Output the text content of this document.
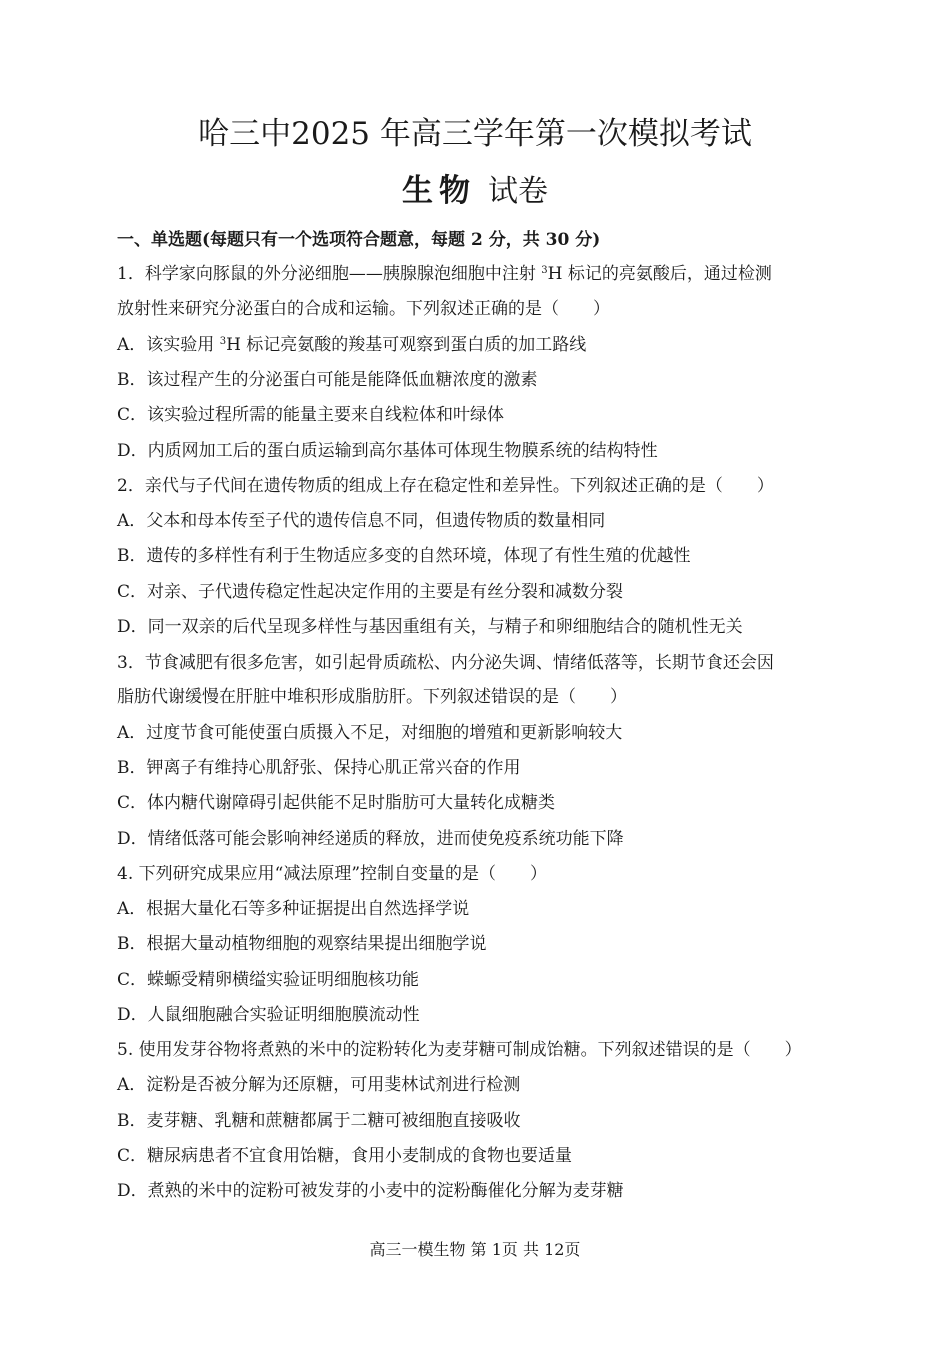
哈三中2025 年高三学年第一次模拟考试
生物 试卷
一、单选题(每题只有一个选项符合题意，每题 2 分，共 30 分)
1．科学家向豚鼠的外分泌细胞——胰腺腺泡细胞中注射 $^3$H 标记的亮氨酸后，通过检测
放射性来研究分泌蛋白的合成和运输。下列叙述正确的是（　　）
A．该实验用 $^3$H 标记亮氨酸的羧基可观察到蛋白质的加工路线
B．该过程产生的分泌蛋白可能是能降低血糖浓度的激素
C．该实验过程所需的能量主要来自线粒体和叶绿体
D．内质网加工后的蛋白质运输到高尔基体可体现生物膜系统的结构特性
2．亲代与子代间在遗传物质的组成上存在稳定性和差异性。下列叙述正确的是（　　）
A．父本和母本传至子代的遗传信息不同，但遗传物质的数量相同
B．遗传的多样性有利于生物适应多变的自然环境，体现了有性生殖的优越性
C．对亲、子代遗传稳定性起决定作用的主要是有丝分裂和减数分裂
D．同一双亲的后代呈现多样性与基因重组有关，与精子和卵细胞结合的随机性无关
3．节食减肥有很多危害，如引起骨质疏松、内分泌失调、情绪低落等，长期节食还会因
脂肪代谢缓慢在肝脏中堆积形成脂肪肝。下列叙述错误的是（　　）
A．过度节食可能使蛋白质摄入不足，对细胞的增殖和更新影响较大
B．钾离子有维持心肌舒张、保持心肌正常兴奋的作用
C．体内糖代谢障碍引起供能不足时脂肪可大量转化成糖类
D．情绪低落可能会影响神经递质的释放，进而使免疫系统功能下降
4. 下列研究成果应用“减法原理”控制自变量的是（　　）
A．根据大量化石等多种证据提出自然选择学说
B．根据大量动植物细胞的观察结果提出细胞学说
C．蝾螈受精卵横缢实验证明细胞核功能
D．人鼠细胞融合实验证明细胞膜流动性
5. 使用发芽谷物将煮熟的米中的淀粉转化为麦芽糖可制成饴糖。下列叙述错误的是（　　）
A．淀粉是否被分解为还原糖，可用斐林试剂进行检测
B．麦芽糖、乳糖和蔗糖都属于二糖可被细胞直接吸收
C．糖尿病患者不宜食用饴糖，食用小麦制成的食物也要适量
D．煮熟的米中的淀粉可被发芽的小麦中的淀粉酶催化分解为麦芽糖
高三一模生物 第 1页 共 12页
